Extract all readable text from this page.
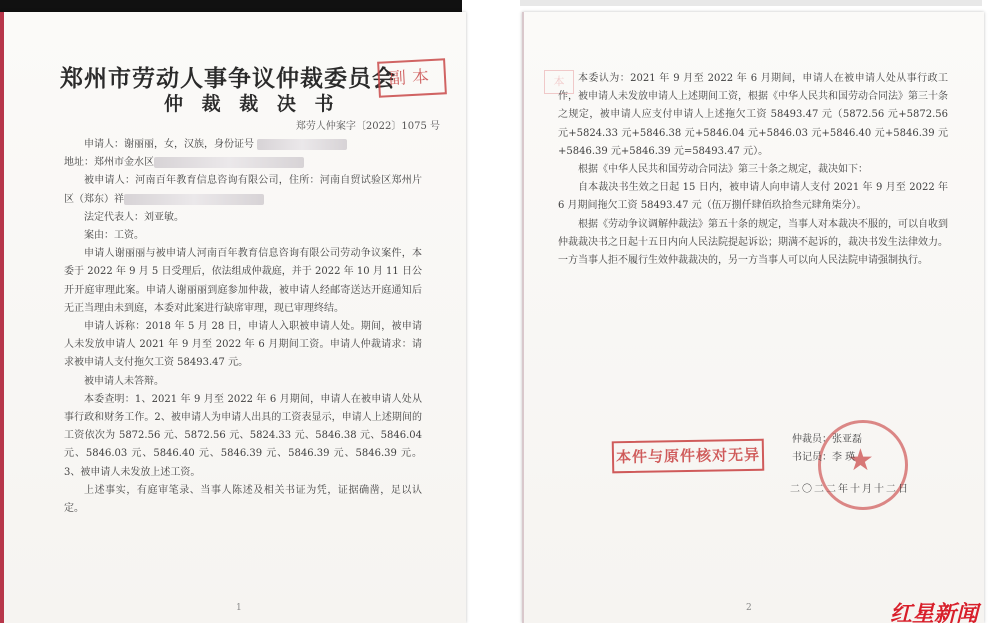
郑州市劳动人事争议仲裁委员会
仲 裁 裁 决 书
副本

郑劳人仲案字〔2022〕1075 号

申请人：谢丽丽，女，汉族，身份证号

地址：郑州市金水区

被申请人：河南百年教育信息咨询有限公司，住所：河南自贸试验区郑州片区（郑东）祥

法定代表人：刘亚敏。

案由：工资。

申请人谢丽丽与被申请人河南百年教育信息咨询有限公司劳动争议案件，本委于 2022 年 9 月 5 日受理后，依法组成仲裁庭，并于 2022 年 10 月 11 日公开开庭审理此案。申请人谢丽丽到庭参加仲裁，被申请人经邮寄送达开庭通知后无正当理由未到庭，本委对此案进行缺席审理，现已审理终结。

申请人诉称：2018 年 5 月 28 日，申请人入职被申请人处。期间，被申请人未发放申请人 2021 年 9 月至 2022 年 6 月期间工资。申请人仲裁请求：请求被申请人支付拖欠工资 58493.47 元。

被申请人未答辩。

本委查明：1、2021 年 9 月至 2022 年 6 月期间，申请人在被申请人处从事行政和财务工作。2、被申请人为申请人出具的工资表显示，申请人上述期间的工资依次为 5872.56 元、5872.56 元、5824.33 元、5846.38 元、5846.04 元、5846.03 元、5846.40 元、5846.39 元、5846.39 元、5846.39 元。3、被申请人未发放上述工资。

上述事实，有庭审笔录、当事人陈述及相关书证为凭，证据确凿，足以认定。

1
本	本委认为：2021 年 9 月至 2022 年 6 月期间，申请人在被申请人处从事行政工作，被申请人未发放申请人上述期间工资，根据《中华人民共和国劳动合同法》第三十条之规定，被申请人应支付申请人上述拖欠工资 58493.47 元（5872.56 元+5872.56 元+5824.33 元+5846.38 元+5846.04 元+5846.03 元+5846.40 元+5846.39 元+5846.39 元+5846.39 元=58493.47 元）。

根据《中华人民共和国劳动合同法》第三十条之规定，裁决如下：

自本裁决书生效之日起 15 日内，被申请人向申请人支付 2021 年 9 月至 2022 年 6 月期间拖欠工资 58493.47 元（伍万捌仟肆佰玖拾叁元肆角柒分）。

根据《劳动争议调解仲裁法》第五十条的规定，当事人对本裁决不服的，可以自收到仲裁裁决书之日起十五日内向人民法院提起诉讼；期满不起诉的，裁决书发生法律效力。一方当事人拒不履行生效仲裁裁决的，另一方当事人可以向人民法院申请强制执行。

本件与原件核对无异	★

仲裁员：张亚磊

书记员：李 瑛

二〇二二年十月十二日

2	红星新闻
